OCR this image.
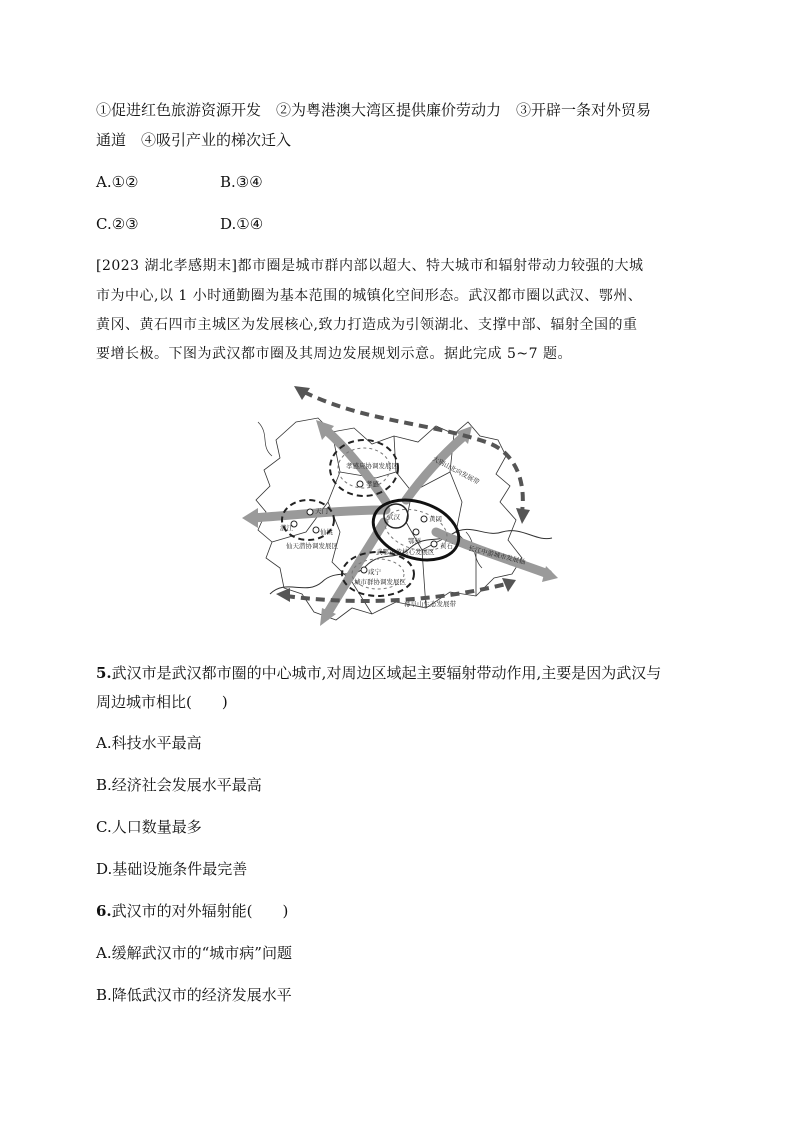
①促进红色旅游资源开发　②为粤港澳大湾区提供廉价劳动力　③开辟一条对外贸易
通道　④吸引产业的梯次迁入
A.①②	B.③④
C.②③	D.①④
[2023 湖北孝感期末]都市圈是城市群内部以超大、特大城市和辐射带动力较强的大城
市为中心,以 1 小时通勤圈为基本范围的城镇化空间形态。武汉都市圈以武汉、鄂州、
黄冈、黄石四市主城区为发展核心,致力打造成为引领湖北、支撑中部、辐射全国的重
要增长极。下图为武汉都市圈及其周边发展规划示意。据此完成 5~7 题。
孝感应协调发展区
孝感
武汉	黄冈
鄂州
黄石
天门
潜江	仙桃
仙天潜协调发展区
武鄂黄黄核心发展区
咸宁
城市群协调发展区
大别山北向发展带
长江中游城市发展轴
幕阜山生态发展带
5.武汉市是武汉都市圈的中心城市,对周边区域起主要辐射带动作用,主要是因为武汉与
周边城市相比(　　)
A.科技水平最高
B.经济社会发展水平最高
C.人口数量最多
D.基础设施条件最完善
6.武汉市的对外辐射能(　　)
A.缓解武汉市的“城市病”问题
B.降低武汉市的经济发展水平
